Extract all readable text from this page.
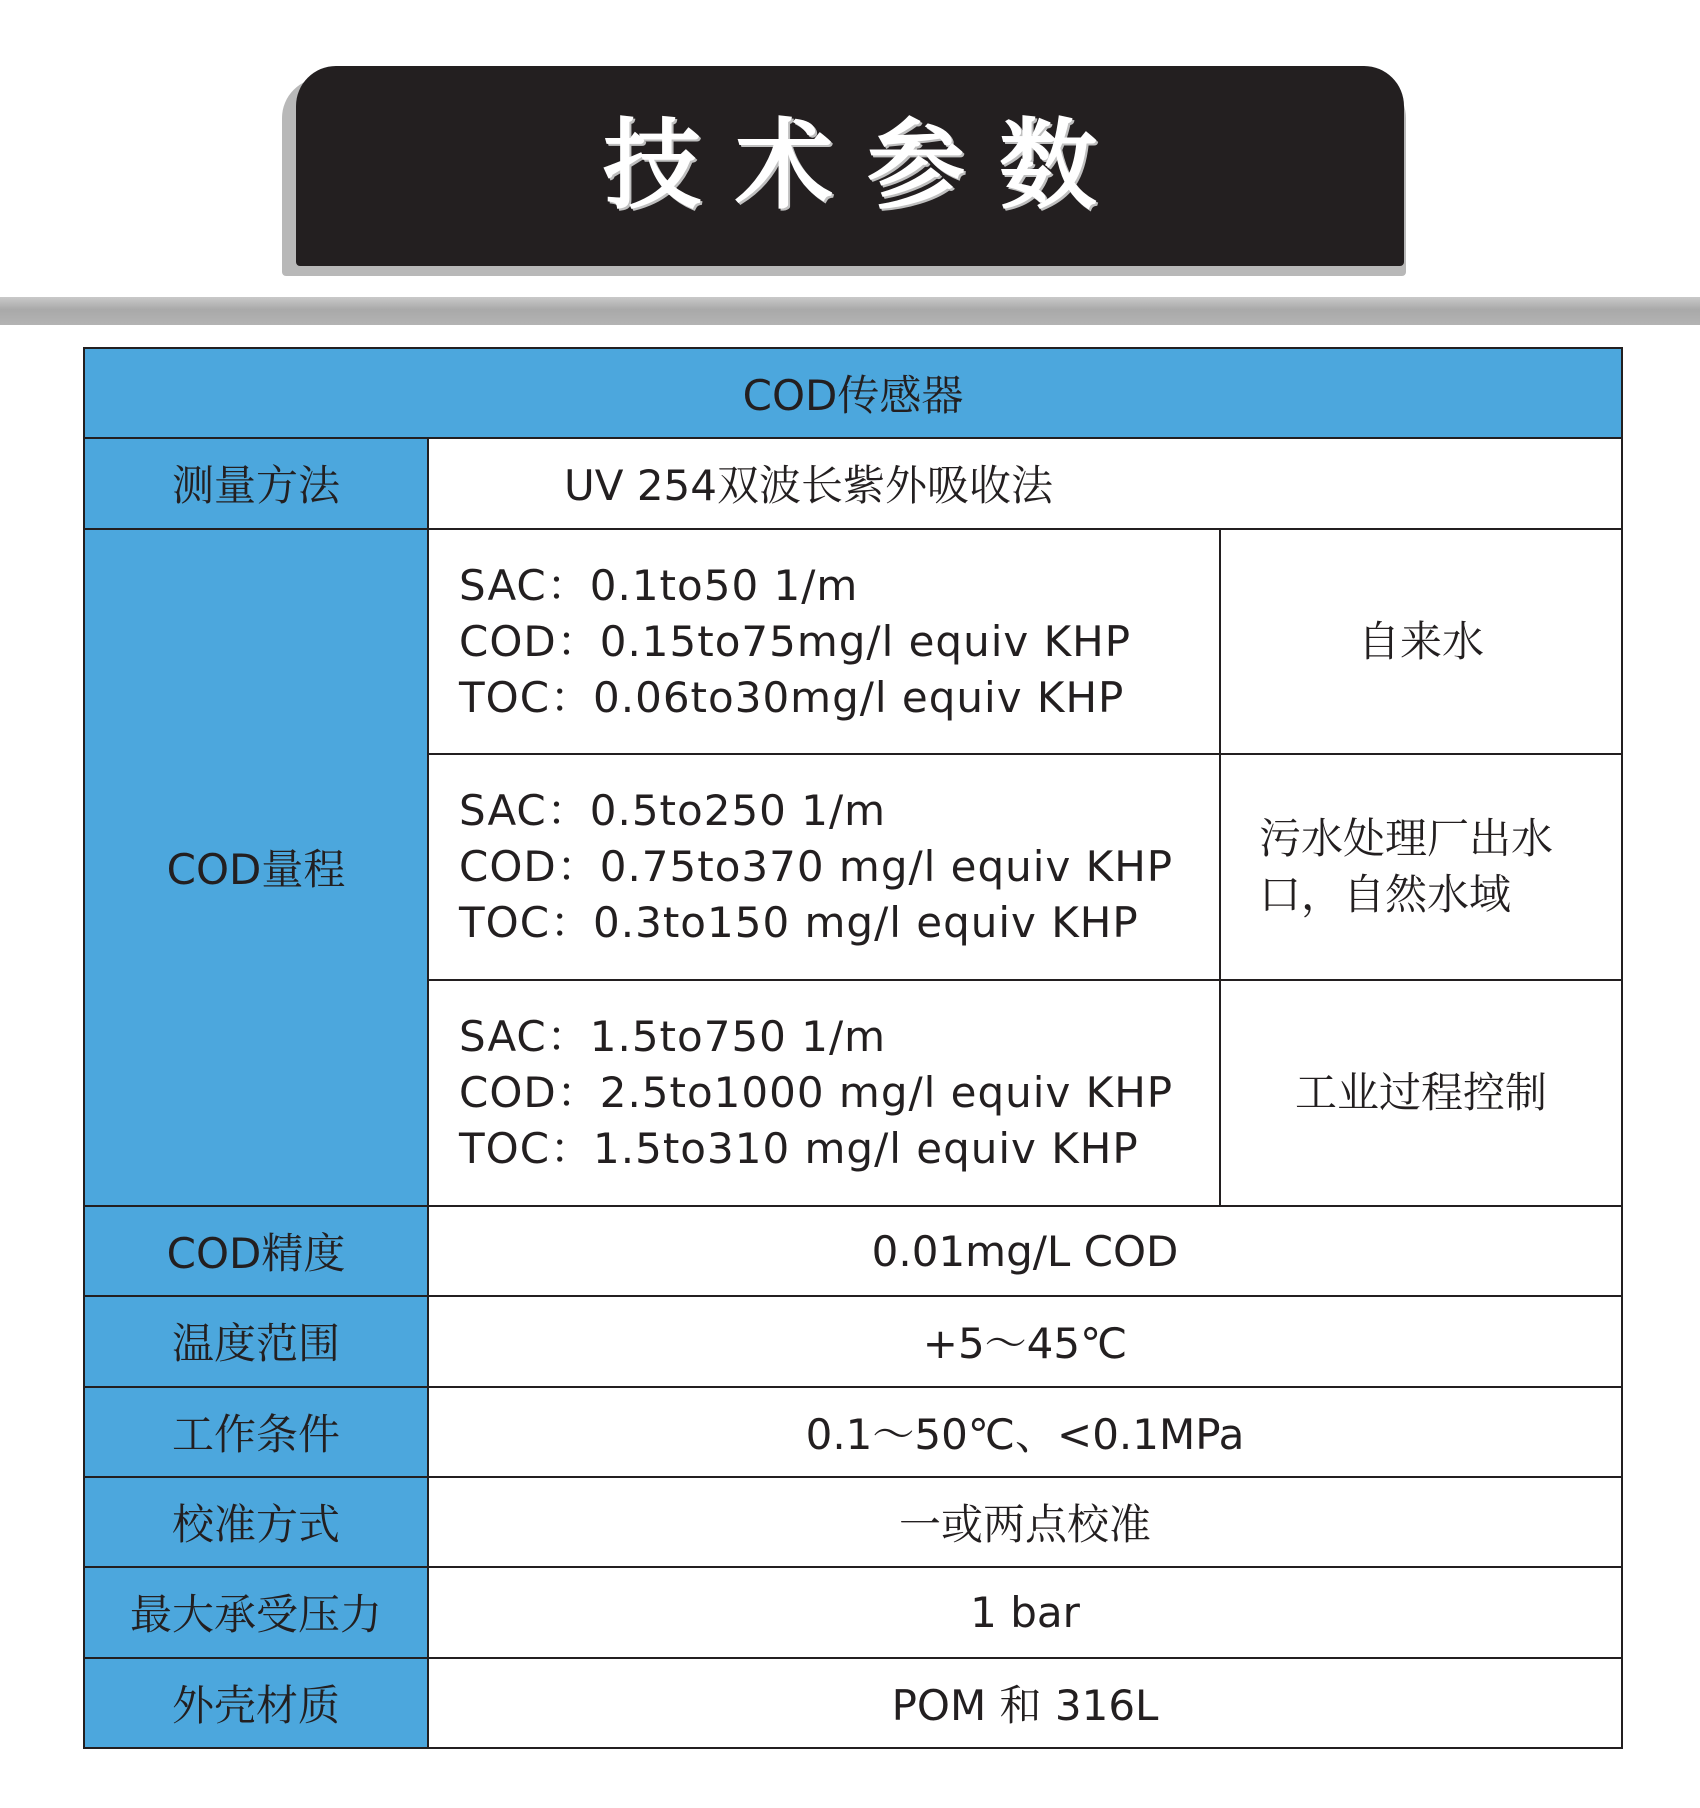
技术参数
COD传感器		
测量方法	UV 254双波长紫外吸收法	
COD量程	SAC：0.1to50 1/m
COD：0.15to75mg/l equiv KHP
TOC：0.06to30mg/l equiv KHP	自来水

	SAC：0.5to250 1/m
COD：0.75to370 mg/l equiv KHP
TOC：0.3to150 mg/l equiv KHP	污水处理厂出水口，自然水域

	SAC：1.5to750 1/m
COD：2.5to1000 mg/l equiv KHP
TOC：1.5to310 mg/l equiv KHP	工业过程控制
COD精度	0.01mg/L COD	
温度范围	+5～45℃	
工作条件	0.1～50℃、<0.1MPa	
校准方式	一或两点校准	
最大承受压力	1 bar	
外壳材质	POM 和 316L	
